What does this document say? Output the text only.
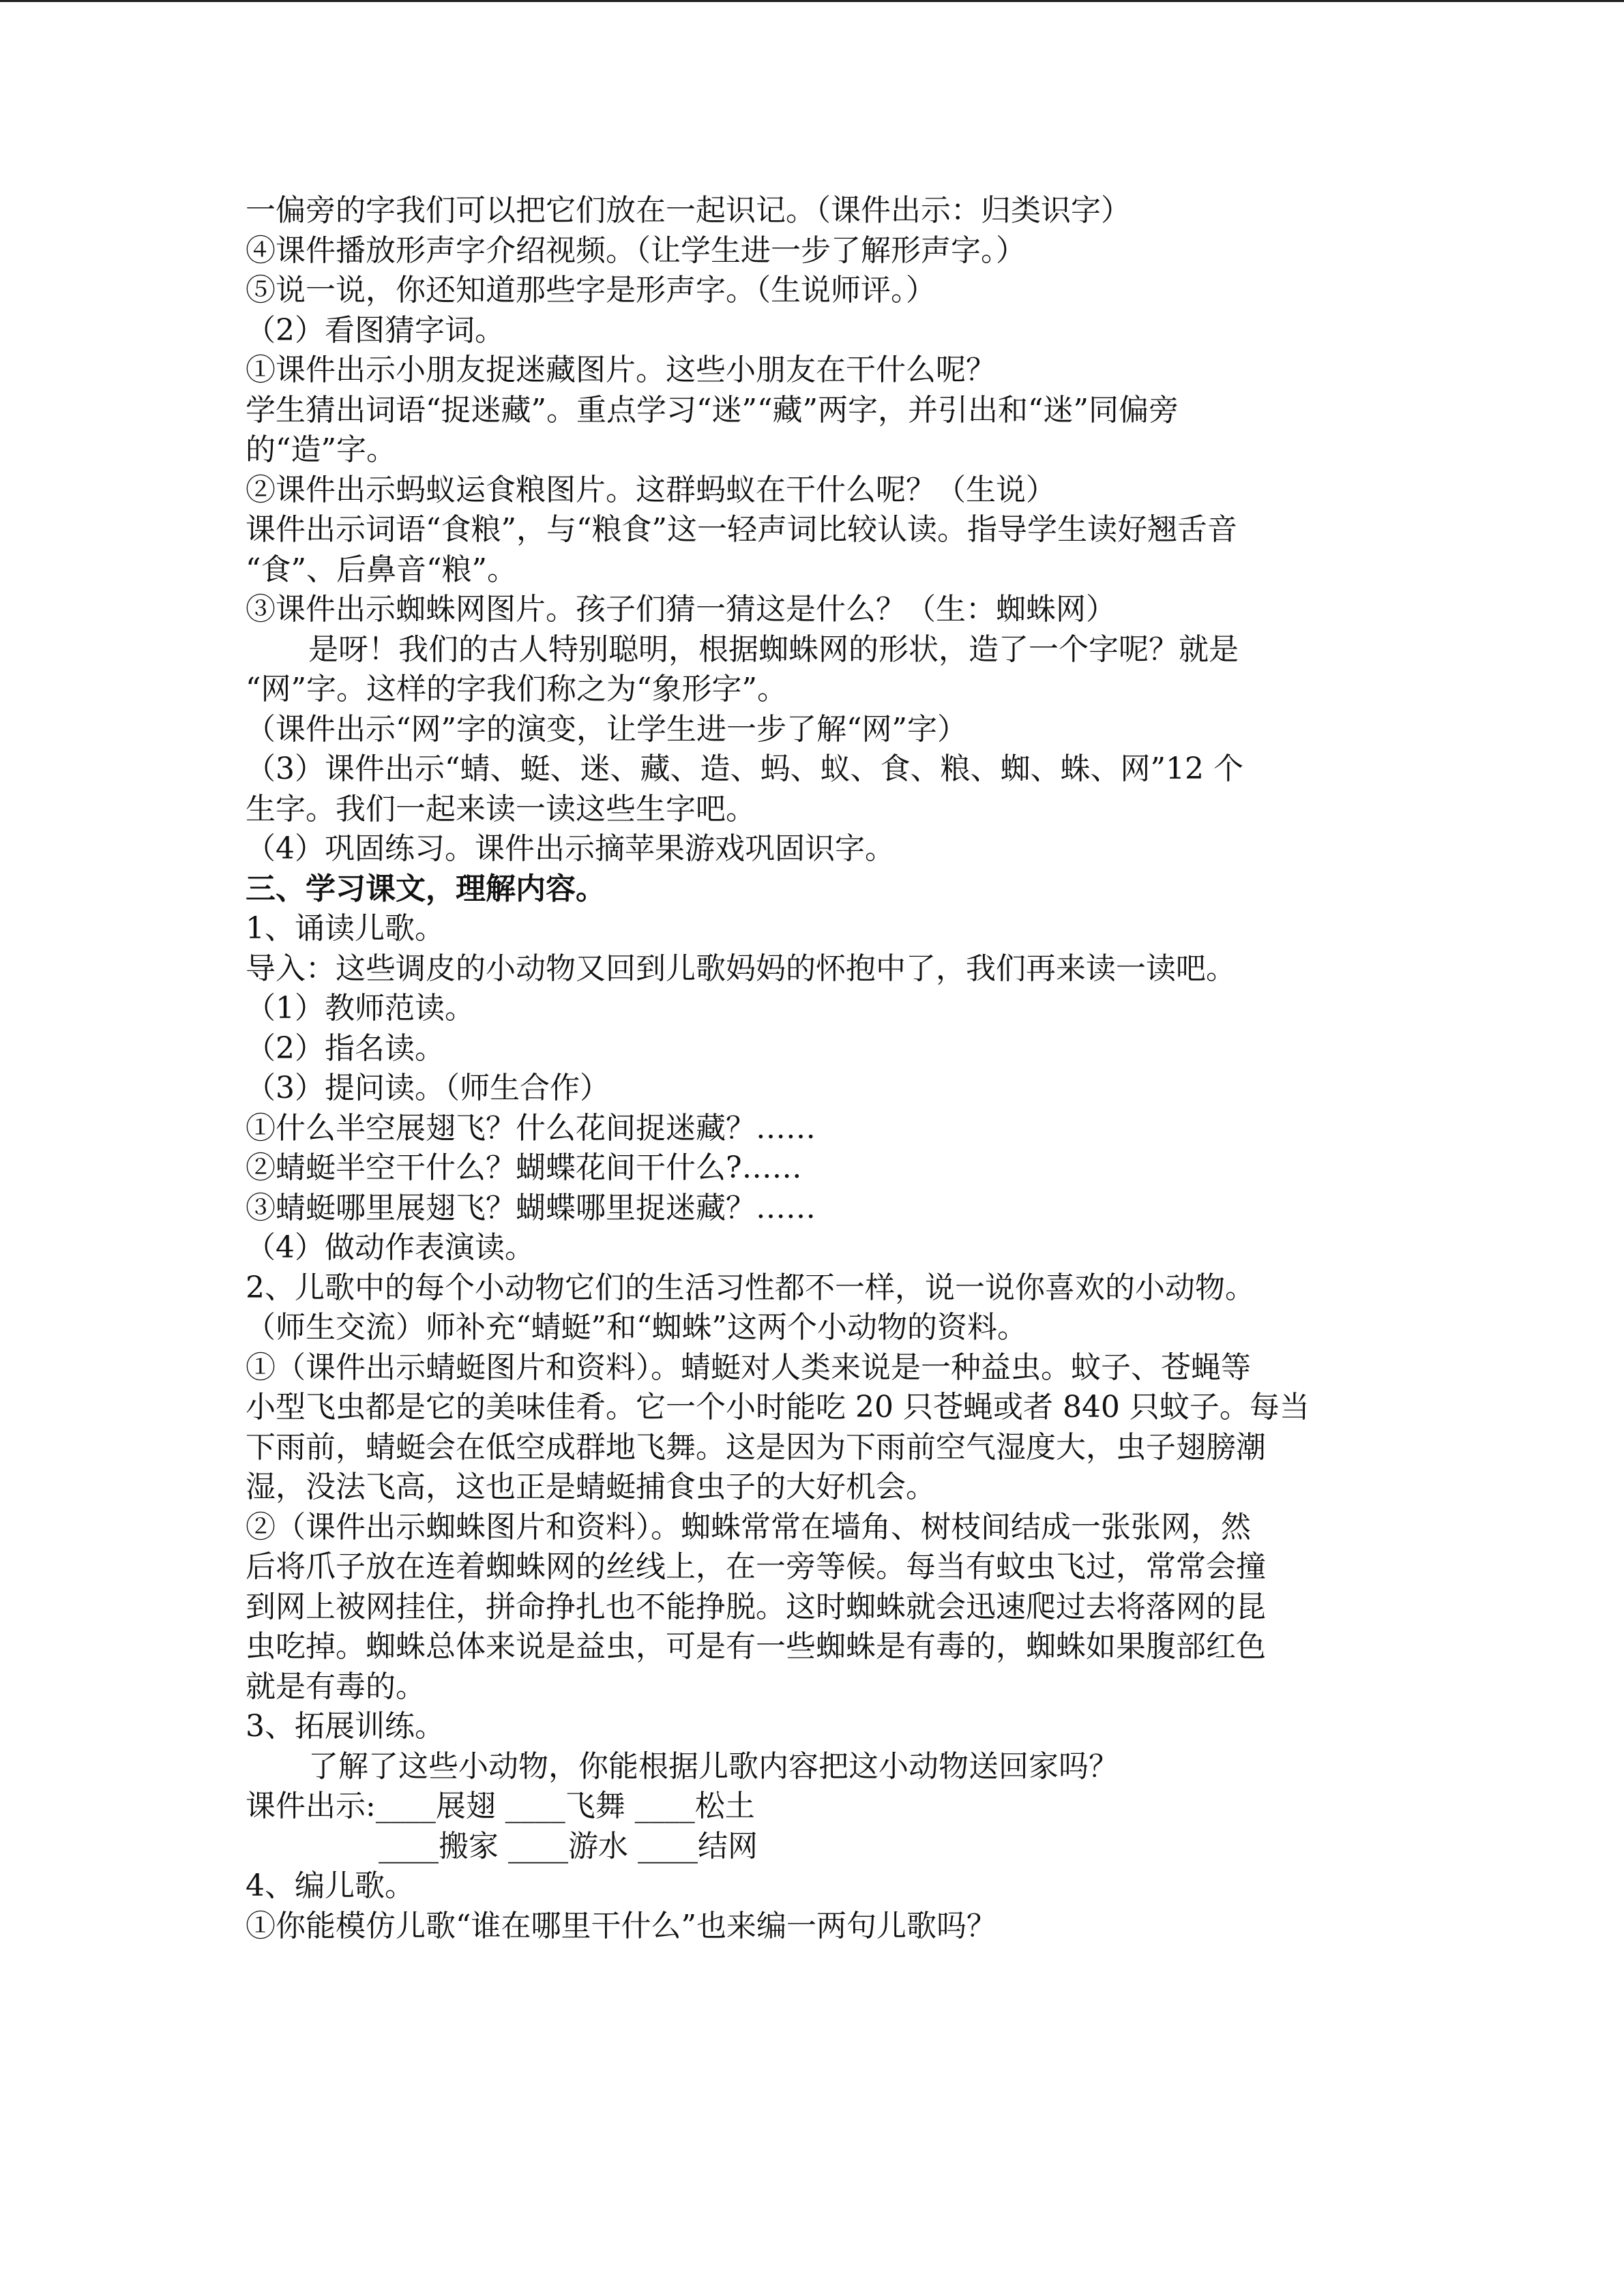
一偏旁的字我们可以把它们放在一起识记。（课件出示：归类识字）
④课件播放形声字介绍视频。（让学生进一步了解形声字。）
⑤说一说，你还知道那些字是形声字。（生说师评。）
（2）看图猜字词。
①课件出示小朋友捉迷藏图片。这些小朋友在干什么呢？
学生猜出词语“捉迷藏”。重点学习“迷”“藏”两字，并引出和“迷”同偏旁
的“造”字。
②课件出示蚂蚁运食粮图片。这群蚂蚁在干什么呢？（生说）
课件出示词语“食粮”，与“粮食”这一轻声词比较认读。指导学生读好翘舌音
“食”、后鼻音“粮”。
③课件出示蜘蛛网图片。孩子们猜一猜这是什么？（生：蜘蛛网）
是呀！我们的古人特别聪明，根据蜘蛛网的形状，造了一个字呢？就是
“网”字。这样的字我们称之为“象形字”。
（课件出示“网”字的演变，让学生进一步了解“网”字）
（3）课件出示“蜻、蜓、迷、藏、造、蚂、蚁、食、粮、蜘、蛛、网”12 个
生字。我们一起来读一读这些生字吧。
（4）巩固练习。课件出示摘苹果游戏巩固识字。
三、学习课文，理解内容。
1、诵读儿歌。
导入：这些调皮的小动物又回到儿歌妈妈的怀抱中了，我们再来读一读吧。
（1）教师范读。
（2）指名读。
（3）提问读。（师生合作）
①什么半空展翅飞？什么花间捉迷藏？……
②蜻蜓半空干什么？蝴蝶花间干什么?……
③蜻蜓哪里展翅飞？蝴蝶哪里捉迷藏？……
（4）做动作表演读。
2、儿歌中的每个小动物它们的生活习性都不一样，说一说你喜欢的小动物。
（师生交流）师补充“蜻蜓”和“蜘蛛”这两个小动物的资料。
①（课件出示蜻蜓图片和资料）。蜻蜓对人类来说是一种益虫。蚊子、苍蝇等
小型飞虫都是它的美味佳肴。它一个小时能吃 20 只苍蝇或者 840 只蚊子。每当
下雨前，蜻蜓会在低空成群地飞舞。这是因为下雨前空气湿度大，虫子翅膀潮
湿，没法飞高，这也正是蜻蜓捕食虫子的大好机会。
②（课件出示蜘蛛图片和资料）。蜘蛛常常在墙角、树枝间结成一张张网，然
后将爪子放在连着蜘蛛网的丝线上，在一旁等候。每当有蚊虫飞过，常常会撞
到网上被网挂住，拼命挣扎也不能挣脱。这时蜘蛛就会迅速爬过去将落网的昆
虫吃掉。蜘蛛总体来说是益虫，可是有一些蜘蛛是有毒的，蜘蛛如果腹部红色
就是有毒的。
3、拓展训练。
了解了这些小动物，你能根据儿歌内容把这小动物送回家吗？
课件出示:____展翅 ____飞舞 ____松土
____搬家 ____游水 ____结网
4、编儿歌。
①你能模仿儿歌“谁在哪里干什么”也来编一两句儿歌吗？
